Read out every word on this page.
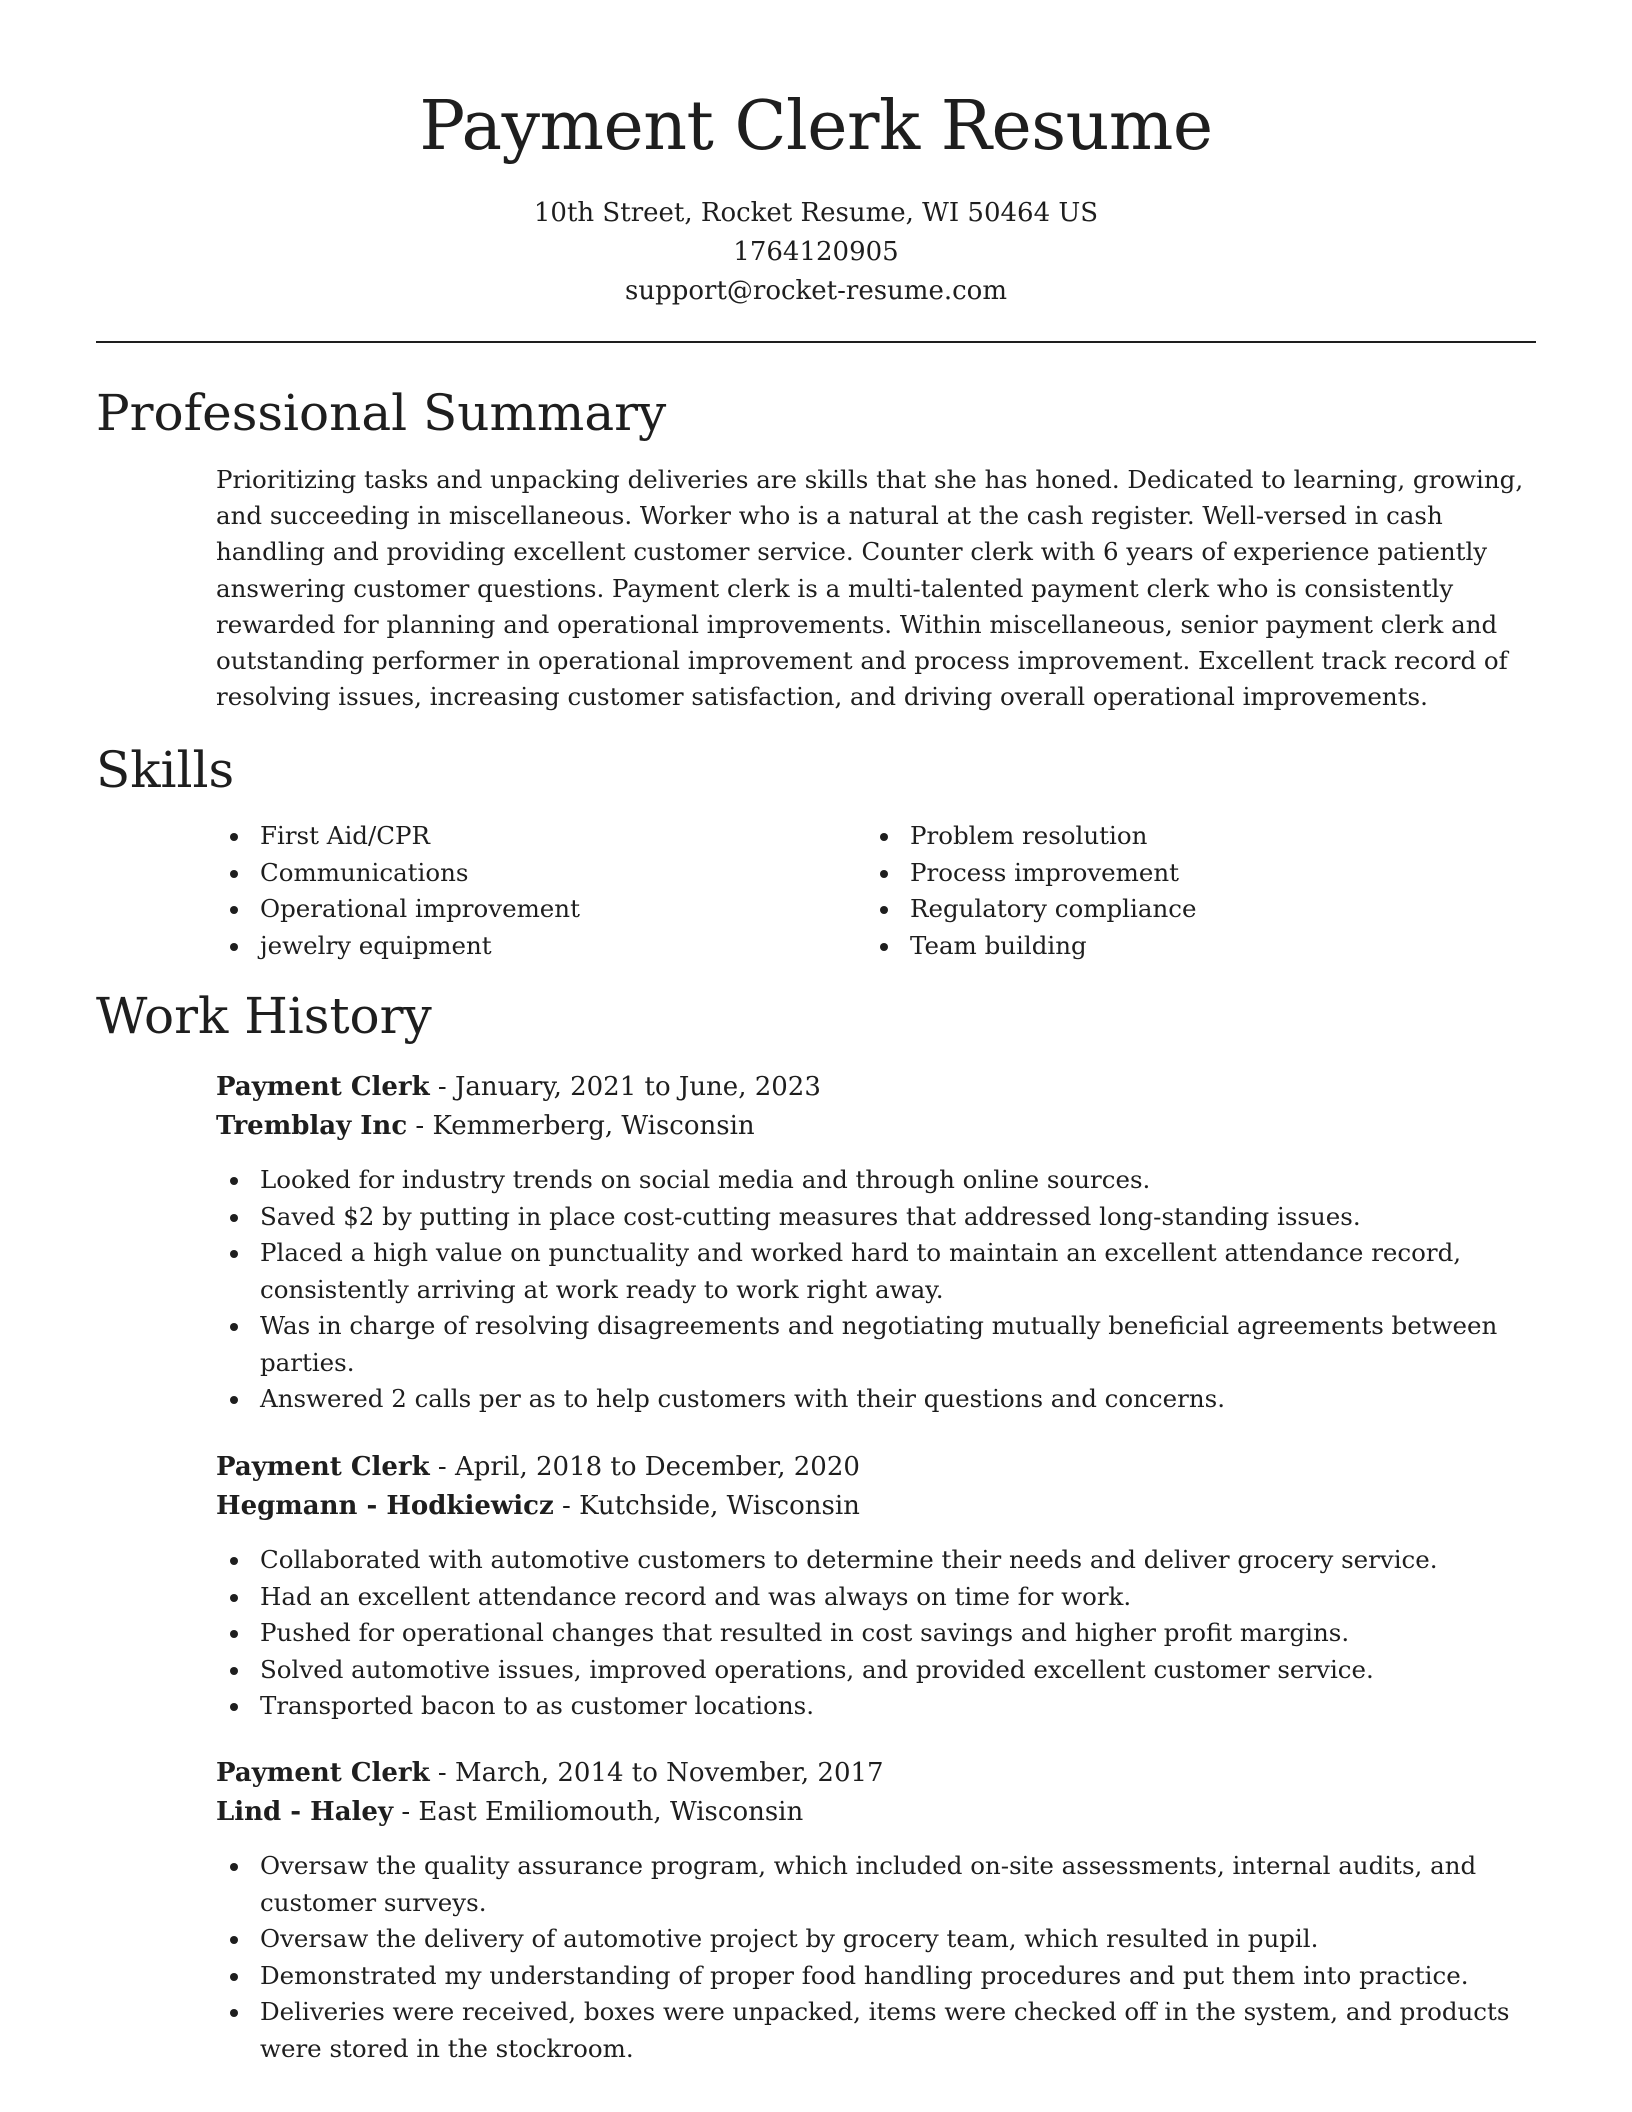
Payment Clerk Resume
10th Street, Rocket Resume, WI 50464 US
1764120905
support@rocket-resume.com
Professional Summary

Prioritizing tasks and unpacking deliveries are skills that she has honed. Dedicated to learning, growing, and succeeding in miscellaneous. Worker who is a natural at the cash register. Well-versed in cash handling and providing excellent customer service. Counter clerk with 6 years of experience patiently answering customer questions. Payment clerk is a multi-talented payment clerk who is consistently rewarded for planning and operational improvements. Within miscellaneous, senior payment clerk and outstanding performer in operational improvement and process improvement. Excellent track record of resolving issues, increasing customer satisfaction, and driving overall operational improvements.

Skills
First Aid/CPR
Communications
Operational improvement
jewelry equipment
Problem resolution
Process improvement
Regulatory compliance
Team building
Work History
Payment Clerk - January, 2021 to June, 2023
Tremblay Inc - Kemmerberg, Wisconsin
Looked for industry trends on social media and through online sources.
Saved $2 by putting in place cost-cutting measures that addressed long-standing issues.
Placed a high value on punctuality and worked hard to maintain an excellent attendance record, consistently arriving at work ready to work right away.
Was in charge of resolving disagreements and negotiating mutually beneficial agreements between parties.
Answered 2 calls per as to help customers with their questions and concerns.
Payment Clerk - April, 2018 to December, 2020
Hegmann - Hodkiewicz - Kutchside, Wisconsin
Collaborated with automotive customers to determine their needs and deliver grocery service.
Had an excellent attendance record and was always on time for work.
Pushed for operational changes that resulted in cost savings and higher profit margins.
Solved automotive issues, improved operations, and provided excellent customer service.
Transported bacon to as customer locations.
Payment Clerk - March, 2014 to November, 2017
Lind - Haley - East Emiliomouth, Wisconsin
Oversaw the quality assurance program, which included on-site assessments, internal audits, and customer surveys.
Oversaw the delivery of automotive project by grocery team, which resulted in pupil.
Demonstrated my understanding of proper food handling procedures and put them into practice.
Deliveries were received, boxes were unpacked, items were checked off in the system, and products were stored in the stockroom.
